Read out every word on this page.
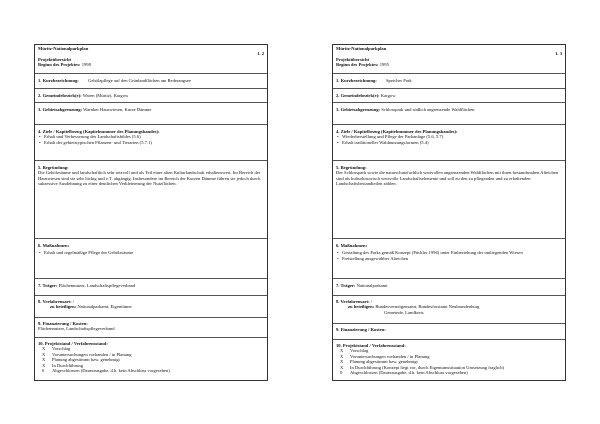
Müritz-Nationalparkplan
1. 2
Projektübersicht
Beginn des Projektes: 1998
1. Kurzbezeichnung: Gehölzpflege auf den Grünlandflächen am Rederangsee
2. Gemeindebezirk(e): Waren (Müritz), Kargow
3. Gebietsabgrenzung: Warnker Hauswiesen, Kurze Dämme
4. Ziele / Kapitelbezug (Kapitelnummer des Planungsbandes):
• Erhalt und Verbesserung des Landschaftsbildes (5.6)
• Erhalt der gebietstypischen Pflanzen- und Tierarten (5.7.1)
5. Begründung:
Die Gehölzsäume und landschaftlich sehr reizvoll und als Teil einer alten Kulturlandschaft erhaltenswert. Im Bereich der Hauswiesen sind sie sehr lückig und z.T. abgängig. Insbesondere im Bereich der Kurzen Dämme führen sie jedoch durch sukzessive Ausdehnung zu einer deutlichen Verkleinerung der Nutzflächen.
6. Maßnahmen:
• Erhalt und regelmäßige Pflege der Gehölzsäume
7. Träger: Flächennutzer, Landschaftspflegeverband
8. Verfahrensart: /
zu beteiligen: Nationalparkamt, Eigentümer
9. Finanzierung / Kosten:
Flächennutzer, Landschaftspflegeverband
10. Projektstand / Verfahrensstand:
X	Vorschlag
X	Voruntersuchungen vorhanden / in Planung
X	Planung abgestimmt bzw. genehmigt
X	In Durchführung
0	Abgeschlossen (Dauerausgabe, d.h. kein Abschluss vorgesehen)
Müritz-Nationalparkplan
1. 3
Projektübersicht
Beginn des Projektes: 1995
1. Kurzbezeichnung: Speicher Park
2. Gemeindebezirk(e): Kargow
3. Gebietsabgrenzung: Schlosspark und südlich angrenzende Waldflächen
4. Ziele / Kapitelbezug (Kapitelnummer des Planungsbandes):
• Wiederherstellung und Pflege der Parkanlage (5.6, 5.7)
• Erhalt traditioneller Waldnutzungsformen (5.4)
5. Begründung:
Der Schlosspark sowie die naturschutzfachlich wertvollen angrenzenden Waldflächen mit ihren bestandsnahen Alteichen sind als kulturhistorisch wertvolle Landschaftselemente und soll zu den zu pflegenden und zu erhaltenden Landschaftsbestandteilen zählen.
6. Maßnahmen:
• Gestaltung des Parks gemäß Konzept (Pückler 1994) unter Einbeziehung der umliegenden Wiesen
• Freistellung ausgewählter Alteichen
7. Träger: Nationalparkamt
8. Verfahrensart: /
zu beteiligen: Bundesvermögensamt, Bundesforstamt Neubrandenburg
Gemeinde, Landkreis
9. Finanzierung / Kosten:
10. Projektstand / Verfahrensstand:
X	Vorschlag
X	Voruntersuchungen vorhanden / in Planung
X	Planung abgestimmt bzw. genehmigt
X	In Durchführung (Konzept liegt vor, durch Eigentumssituation Umsetzung fraglich)
0	Abgeschlossen (Dauerausgabe, d.h. kein Abschluss vorgesehen)
